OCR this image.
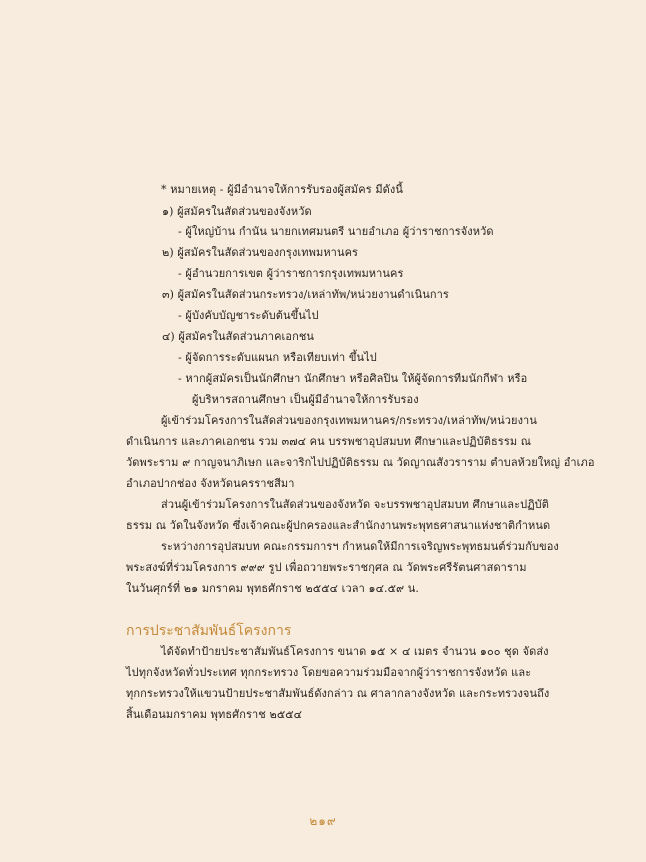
* หมายเหตุ - ผู้มีอำนาจให้การรับรองผู้สมัคร มีดังนี้
๑) ผู้สมัครในสัดส่วนของจังหวัด
- ผู้ใหญ่บ้าน กำนัน นายกเทศมนตรี นายอำเภอ ผู้ว่าราชการจังหวัด
๒) ผู้สมัครในสัดส่วนของกรุงเทพมหานคร
- ผู้อำนวยการเขต ผู้ว่าราชการกรุงเทพมหานคร
๓) ผู้สมัครในสัดส่วนกระทรวง/เหล่าทัพ/หน่วยงานดำเนินการ
- ผู้บังคับบัญชาระดับต้นขึ้นไป
๔) ผู้สมัครในสัดส่วนภาคเอกชน
- ผู้จัดการระดับแผนก หรือเทียบเท่า ขึ้นไป
- หากผู้สมัครเป็นนักศึกษา นักศึกษา หรือศิลปิน ให้ผู้จัดการทีมนักกีฬา หรือ
ผู้บริหารสถานศึกษา เป็นผู้มีอำนาจให้การรับรอง
ผู้เข้าร่วมโครงการในสัดส่วนของกรุงเทพมหานคร/กระทรวง/เหล่าทัพ/หน่วยงาน
ดำเนินการ และภาคเอกชน รวม ๓๗๔ คน บรรพชาอุปสมบท ศึกษาและปฏิบัติธรรม ณ
วัดพระราม ๙ กาญจนาภิเษก และจาริกไปปฏิบัติธรรม ณ วัดญาณสังวราราม ตำบลห้วยใหญ่ อำเภอ
อำเภอปากช่อง จังหวัดนครราชสีมา
ส่วนผู้เข้าร่วมโครงการในสัดส่วนของจังหวัด จะบรรพชาอุปสมบท ศึกษาและปฏิบัติ
ธรรม ณ วัดในจังหวัด ซึ่งเจ้าคณะผู้ปกครองและสำนักงานพระพุทธศาสนาแห่งชาติกำหนด
ระหว่างการอุปสมบท คณะกรรมการฯ กำหนดให้มีการเจริญพระพุทธมนต์ร่วมกับของ
พระสงฆ์ที่ร่วมโครงการ ๙๙๙ รูป เพื่อถวายพระราชกุศล ณ วัดพระศรีรัตนศาสดาราม
ในวันศุกร์ที่ ๒๑ มกราคม พุทธศักราช ๒๕๕๔ เวลา ๑๔.๕๙ น.
การประชาสัมพันธ์โครงการ
ได้จัดทำป้ายประชาสัมพันธ์โครงการ ขนาด ๑๕ × ๔ เมตร จำนวน ๑๐๐ ชุด จัดส่ง
ไปทุกจังหวัดทั่วประเทศ ทุกกระทรวง โดยขอความร่วมมือจากผู้ว่าราชการจังหวัด และ
ทุกกระทรวงให้แขวนป้ายประชาสัมพันธ์ดังกล่าว ณ ศาลากลางจังหวัด และกระทรวงจนถึง
สิ้นเดือนมกราคม พุทธศักราช ๒๕๕๔
๒๑๙
